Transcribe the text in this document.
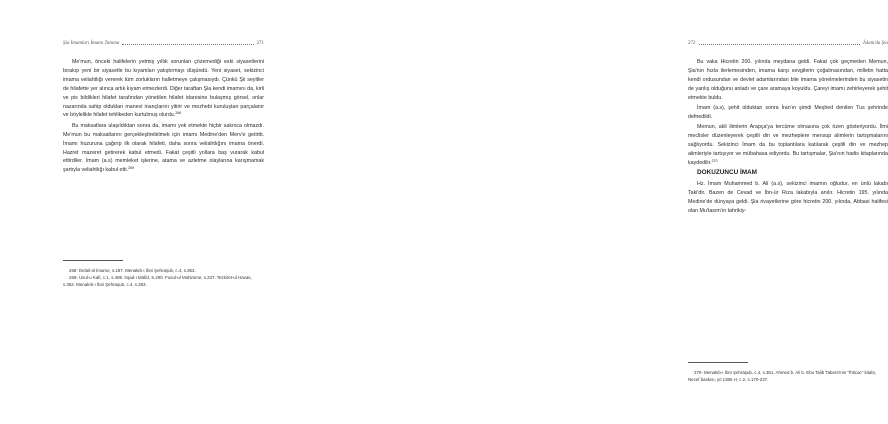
Şia İmamları İmamı Tanıma	271

Me'mun, önceki halifelerin yetmiş yıllık sorunları çözemediği eski siyasetlerini bırakıp yeni bir siyasetle bu kıyamları yatıştırmayı düşündü. Yeni siyaset, sekizinci imama veliahtlığı vererek tüm zorlukların halletmeye çalışmasıydı. Çünkü Şii seyitler de hilafette yer alınca artık kıyam etmezlerdi. Diğer taraftan Şia kendi imamını da, kirli ve pis bildikleri hilafet tarafından yönetilen hilafet idaresine bulaşmış görsel, onlar nazarında sahip oldukları manevi inançlarını yitirir ve mezhebi kuruluştan parçalanır ve böylelikle hilafet tehlikeden kurtulmuş olurdu.$^{268}$

Bu maksatlara ulaşıldıktan sonra da, imamı yok etmekte hiçbir sakınca olmazdı. Me'mun bu maksatlarını gerçekleştirebilmek için imamı Medine'den Merv'e getirtti. İmamı huzuruna çağırıp ilk olarak hilafeti, daha sonra veliahtlığını imama önerdi. Hazret mazeret getirerek kabul etmedi. Fakat çeşitli yollara baş vurarak kabul ettirdiler. İmam (a.s) memleket işlerine, atama ve azletme olaylarına karışmamak şartıyla veliahtlığı kabul etti.$^{269}$

268- Delail-ül İmame, s.197. Menakıb-ı İbni Şehraşub, c.4, s.363.

269- Usul-u Kafi, c.1, s.489. İrşad-ı Müfid, S.290. Fusul-ul Mühimme, s.237. Tezkiret-ul Havas, s.352. Menakıb-ı İbni Şehraşub, c.4, s.363.

272	İslam'da Şia

Bu vaka Hicretin 200. yılında meydana geldi. Fakat çok geçmeden Memun, Şia'nın hızla ilerlemesinden, imama karşı sevgilerin çoğalmasından, milletin hatta kendi ordusundan ve devlet adamlarından bile imama yönelmelerinden bu siyasetin de yanlış olduğunu anladı ve çare aramaya koyuldu. Çareyi imamı zehirleyerek şehit etmekte buldu.

İmam (a.s), şehit olduktan sonra İran'ın şimdi Meşhed denilen Tus şehrinde defnedildi.

Memun, akli ilimlerin Arapça'ya tercüme olmasına çok özen gösteriyordu. İlmi meclisler düzenleyerek çeşitli din ve mezheplere mensup alimlerin tartışmalarını sağlıyordu. Sekizinci İmam da bu toplantılara katılarak çeşitli din ve mezhep alimleriyle tartışıyor ve mübahasa ediyordu. Bu tartışmalar, Şia'nın hadis kitaplarında kaydedilir.$^{270}$

DOKUZUNCU İMAM

Hz. İmam Muhammed b. Ali (a.s), sekizinci imamın oğludur, en ünlü lakabı Taki'dir. Bazen de Cevad ve İbn-ür Rıza lakabıyla anılır. Hicretin 195. yılında Medine'de dünyaya geldi. Şia rivayetlerine göre hicretin 200. yılında, Abbasi halifesi olan Mu'tasım'ın tahrikiy-

270- Menakıb-ı İbni Şehraşub, c.4, s.351. Ahmed b. Ali b. Ebu Talib Tabersi'nin "İhticac" kitabı, Necef baskısı, yıl 1385 H, c.2, s.170-237.
